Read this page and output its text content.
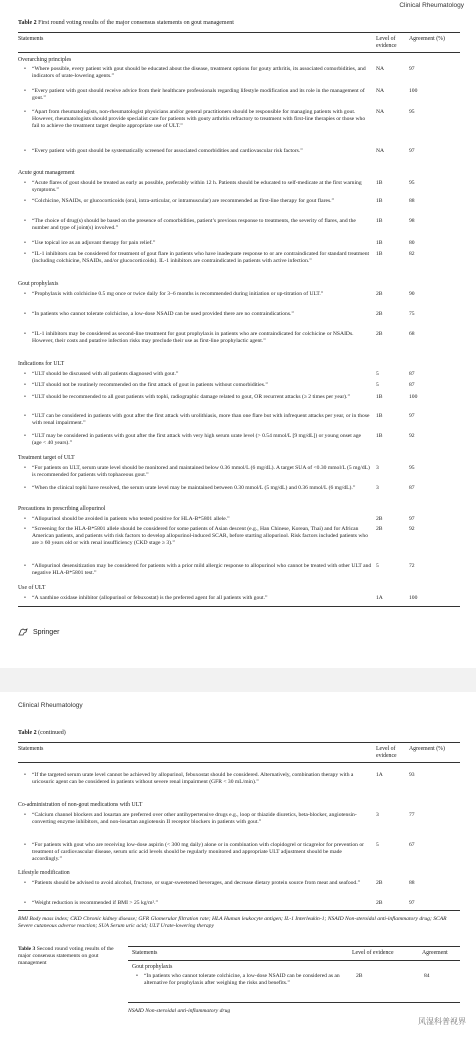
Clinical Rheumatology
Table 2 First round voting results of the major consensus statements on gout management
Statements	Level of evidence
Agreement (%)
Overarching principles
• “Where possible, every patient with gout should be educated about the disease, treatment options for gouty arthritis, its associated comorbidities, and indicators of urate-lowering agents.”
NA	97
• “Every patient with gout should receive advice from their healthcare professionals regarding lifestyle modification and its role in the management of gout.”
NA	100
• “Apart from rheumatologists, non-rheumatologist physicians and/or general practitioners should be responsible for managing patients with gout. However, rheumatologists should provide specialist care for patients with gouty arthritis refractory to treatment with first-line therapies or those who fail to achieve the treatment target despite appropriate use of ULT.”
NA	95
• “Every patient with gout should be systematically screened for associated comorbidities and cardiovascular risk factors.”	NA	97
Acute gout management
• “Acute flares of gout should be treated as early as possible, preferably within 12 h. Patients should be educated to self-medicate at the first warning symptoms.”
1B	95
• “Colchicine, NSAIDs, or glucocorticoids (oral, intra-articular, or intramuscular) are recommended as first-line therapy for gout flares.”	1B	88
• “The choice of drug(s) should be based on the presence of comorbidities, patient’s previous response to treatments, the severity of flares, and the number and type of joint(s) involved.”
1B	98
• “Use topical ice as an adjuvant therapy for pain relief.”	1B	80
• “IL-1 inhibitors can be considered for treatment of gout flare in patients who have inadequate response to or are contraindicated for standard treatment (including colchicine, NSAIDs, and/or glucocorticoids). IL-1 inhibitors are contraindicated in patients with active infection.”
1B	82
Gout prophylaxis
• “Prophylaxis with colchicine 0.5 mg once or twice daily for 3–6 months is recommended during initiation or up-titration of ULT.”	2B	90
• “In patients who cannot tolerate colchicine, a low-dose NSAID can be used provided there are no contraindications.”	2B	75
• “IL-1 inhibitors may be considered as second-line treatment for gout prophylaxis in patients who are contraindicated for colchicine or NSAIDs. However, their costs and putative infection risks may preclude their use as first-line prophylactic agent.”
2B	68
Indications for ULT
• “ULT should be discussed with all patients diagnosed with gout.”	5	87
• “ULT should not be routinely recommended on the first attack of gout in patients without comorbidities.”	5	87
• “ULT should be recommended to all gout patients with tophi, radiographic damage related to gout, OR recurrent attacks (≥ 2 times per year).”	1B	100
• “ULT can be considered in patients with gout after the first attack with urolithiasis, more than one flare but with infrequent attacks per year, or in those with renal impairment.”
1B	97
• “ULT may be considered in patients with gout after the first attack with very high serum urate level (> 0.54 mmol/L [9 mg/dL]) or young onset age (age < 40 years).”
1B	92
Treatment target of ULT
• “For patients on ULT, serum urate level should be monitored and maintained below 0.36 mmol/L (6 mg/dL). A target SUA of <0.30 mmol/L (5 mg/dL) is recommended for patients with tophaceous gout.”
3	95
• “When the clinical tophi have resolved, the serum urate level may be maintained between 0.30 mmol/L (5 mg/dL) and 0.36 mmol/L (6 mg/dL).”	3	87
Precautions in prescribing allopurinol
• “Allopurinol should be avoided in patients who tested positive for HLA-B*5801 allele.”	2B	97
• “Screening for the HLA-B*5801 allele should be considered for some patients of Asian descent (e.g., Han Chinese, Korean, Thai) and for African American patients, and patients with risk factors to develop allopurinol-induced SCAR, before starting allopurinol. Risk factors included patients who are ≥ 60 years old or with renal insufficiency (CKD stage ≥ 3).”
2B	92
• “Allopurinol desensitization may be considered for patients with a prior mild allergic response to allopurinol who cannot be treated with other ULT and negative HLA-B*5801 test.”
5	72
Use of ULT
• “A xanthine oxidase inhibitor (allopurinol or febuxostat) is the preferred agent for all patients with gout.”	1A	100
Springer
Clinical Rheumatology
Table 2 (continued)
Statements	Level of evidence
Agreement (%)
• “If the targeted serum urate level cannot be achieved by allopurinol, febuxostat should be considered. Alternatively, combination therapy with a uricosuric agent can be considered in patients without severe renal impairment (GFR < 30 mL/min).”
1A	93
Co-administration of non-gout medications with ULT
• “Calcium channel blockers and losartan are preferred over other antihypertensive drugs e.g., loop or thiazide diuretics, beta-blocker, angiotensin-converting enzyme inhibitors, and non-losartan angiotensin II receptor blockers in patients with gout.”
3	77
• “For patients with gout who are receiving low-dose aspirin (< 300 mg daily) alone or in combination with clopidogrel or ticagrelor for prevention or treatment of cardiovascular disease, serum uric acid levels should be regularly monitored and appropriate ULT adjustment should be made accordingly.”
5	67
Lifestyle modification
• “Patients should be advised to avoid alcohol, fructose, or sugar-sweetened beverages, and decrease dietary protein source from meat and seafood.”	2B	88
• “Weight reduction is recommended if BMI > 25 kg/m².”	2B	97
BMI Body mass index; CKD Chronic kidney disease; GFR Glomerular filtration rate; HLA Human leukocyte antigen; IL-1 Interleukin-1; NSAID Non-steroidal anti-inflammatory drug; SCAR Severe cutaneous adverse reaction; SUA Serum uric acid; ULT Urate-lowering therapy
Table 3 Second round voting results of the major consensus statements on gout management
Statements	Level of evidence	Agreement
Gout prophylaxis
• “In patients who cannot tolerate colchicine, a low-dose NSAID can be considered as an alternative for prophylaxis after weighing the risks and benefits.”
2B	84
NSAID Non-steroidal anti-inflammatory drug
风湿科普视界
